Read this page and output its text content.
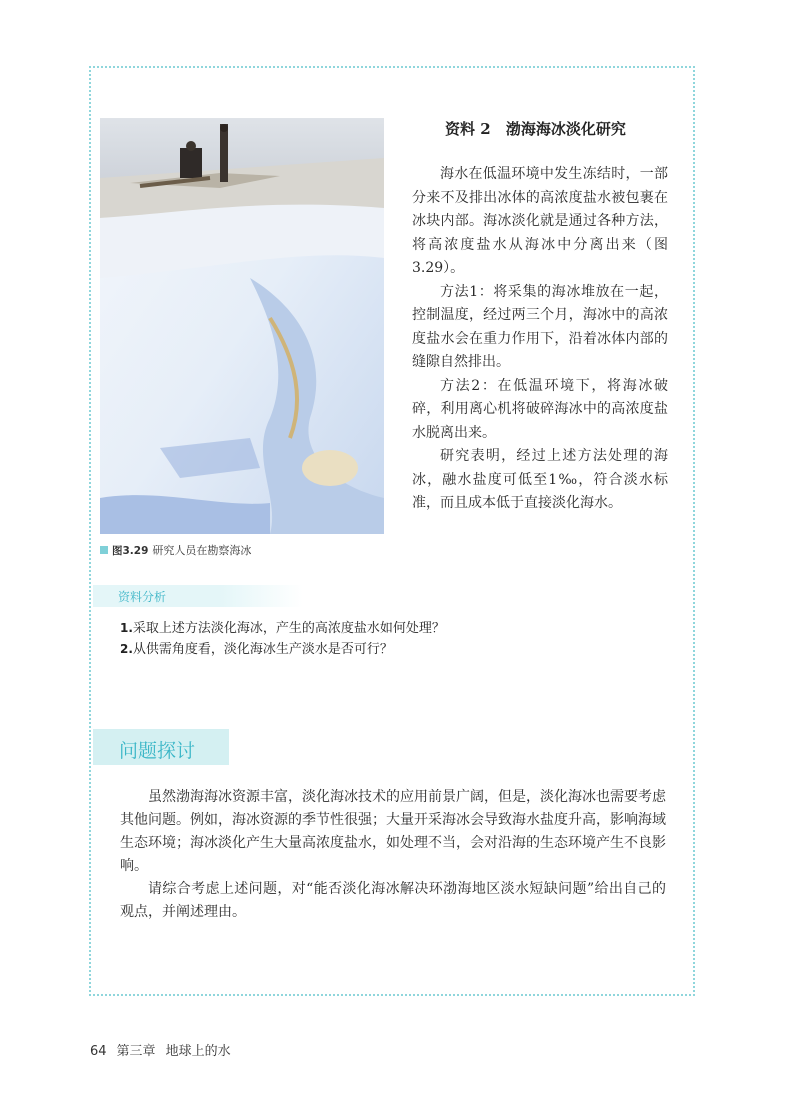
图3.29 研究人员在勘察海冰
资料 2 渤海海冰淡化研究

海水在低温环境中发生冻结时，一部分来不及排出冰体的高浓度盐水被包裹在冰块内部。海冰淡化就是通过各种方法，将高浓度盐水从海冰中分离出来（图3.29）。

方法1：将采集的海冰堆放在一起，控制温度，经过两三个月，海冰中的高浓度盐水会在重力作用下，沿着冰体内部的缝隙自然排出。

方法2：在低温环境下，将海冰破碎，利用离心机将破碎海冰中的高浓度盐水脱离出来。

研究表明，经过上述方法处理的海冰，融水盐度可低至1‰，符合淡水标准，而且成本低于直接淡化海水。

资料分析
1.采取上述方法淡化海冰，产生的高浓度盐水如何处理？
2.从供需角度看，淡化海冰生产淡水是否可行？
问题探讨

虽然渤海海冰资源丰富，淡化海冰技术的应用前景广阔，但是，淡化海冰也需要考虑其他问题。例如，海冰资源的季节性很强；大量开采海冰会导致海水盐度升高，影响海域生态环境；海冰淡化产生大量高浓度盐水，如处理不当，会对沿海的生态环境产生不良影响。

请综合考虑上述问题，对“能否淡化海冰解决环渤海地区淡水短缺问题”给出自己的观点，并阐述理由。

64 第三章 地球上的水
